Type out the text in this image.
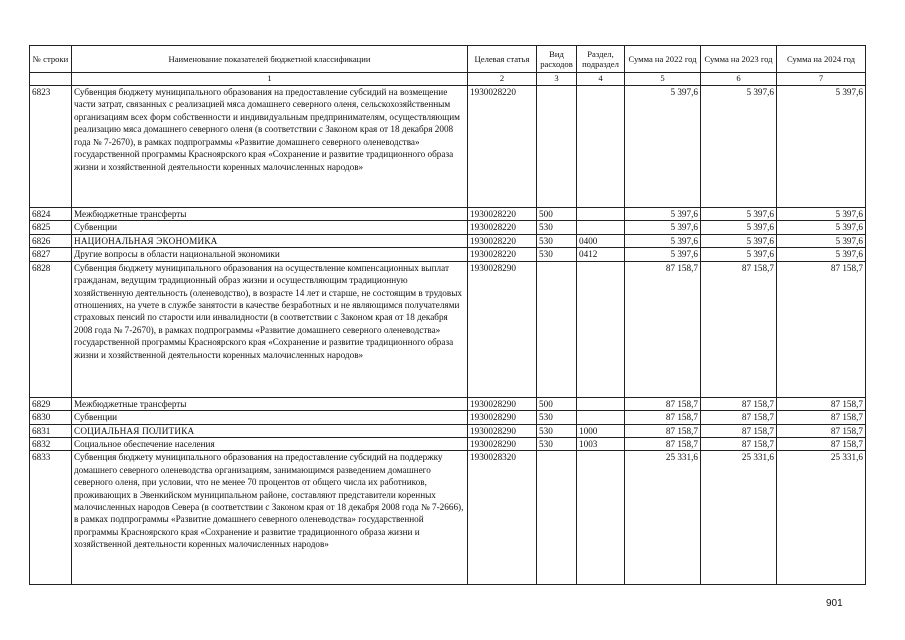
№ строки	Наименование показателей бюджетной классификации	Целевая статья	Вид расходов	Раздел, подраздел	Сумма на 2022 год	Сумма на 2023 год	Сумма на 2024 год
	1	2	3	4	5	6	7
6823	Субвенция бюджету муниципального образования на предоставление субсидий на возмещение части затрат, связанных с реализацией мяса домашнего северного оленя, сельскохозяйственным организациям всех форм собственности и индивидуальным предпринимателям, осуществляющим реализацию мяса домашнего северного оленя (в соответствии с Законом края от 18 декабря 2008 года № 7-2670), в рамках подпрограммы «Развитие домашнего северного оленеводства» государственной программы Красноярского края «Сохранение и развитие традиционного образа жизни и хозяйственной деятельности коренных малочисленных народов»	1930028220			5 397,6	5 397,6	5 397,6
6824	Межбюджетные трансферты	1930028220	500		5 397,6	5 397,6	5 397,6
6825	Субвенции	1930028220	530		5 397,6	5 397,6	5 397,6
6826	НАЦИОНАЛЬНАЯ ЭКОНОМИКА	1930028220	530	0400	5 397,6	5 397,6	5 397,6
6827	Другие вопросы в области национальной экономики	1930028220	530	0412	5 397,6	5 397,6	5 397,6
6828	Субвенция бюджету муниципального образования на осуществление компенсационных выплат гражданам, ведущим традиционный образ жизни и осуществляющим традиционную хозяйственную деятельность (оленеводство), в возрасте 14 лет и старше, не состоящим в трудовых отношениях, на учете в службе занятости в качестве безработных и не являющимся получателями страховых пенсий по старости или инвалидности (в соответствии с Законом края от 18 декабря 2008 года № 7-2670), в рамках подпрограммы «Развитие домашнего северного оленеводства» государственной программы Красноярского края «Сохранение и развитие традиционного образа жизни и хозяйственной деятельности коренных малочисленных народов»	1930028290			87 158,7	87 158,7	87 158,7
6829	Межбюджетные трансферты	1930028290	500		87 158,7	87 158,7	87 158,7
6830	Субвенции	1930028290	530		87 158,7	87 158,7	87 158,7
6831	СОЦИАЛЬНАЯ ПОЛИТИКА	1930028290	530	1000	87 158,7	87 158,7	87 158,7
6832	Социальное обеспечение населения	1930028290	530	1003	87 158,7	87 158,7	87 158,7
6833	Субвенция бюджету муниципального образования на предоставление субсидий на поддержку домашнего северного оленеводства организациям, занимающимся разведением домашнего северного оленя, при условии, что не менее 70 процентов от общего числа их работников, проживающих в Эвенкийском муниципальном районе, составляют представители коренных малочисленных народов Севера (в соответствии с Законом края от 18 декабря 2008 года № 7-2666), в рамках подпрограммы «Развитие домашнего северного оленеводства» государственной программы Красноярского края «Сохранение и развитие традиционного образа жизни и хозяйственной деятельности коренных малочисленных народов»	1930028320			25 331,6	25 331,6	25 331,6
901
